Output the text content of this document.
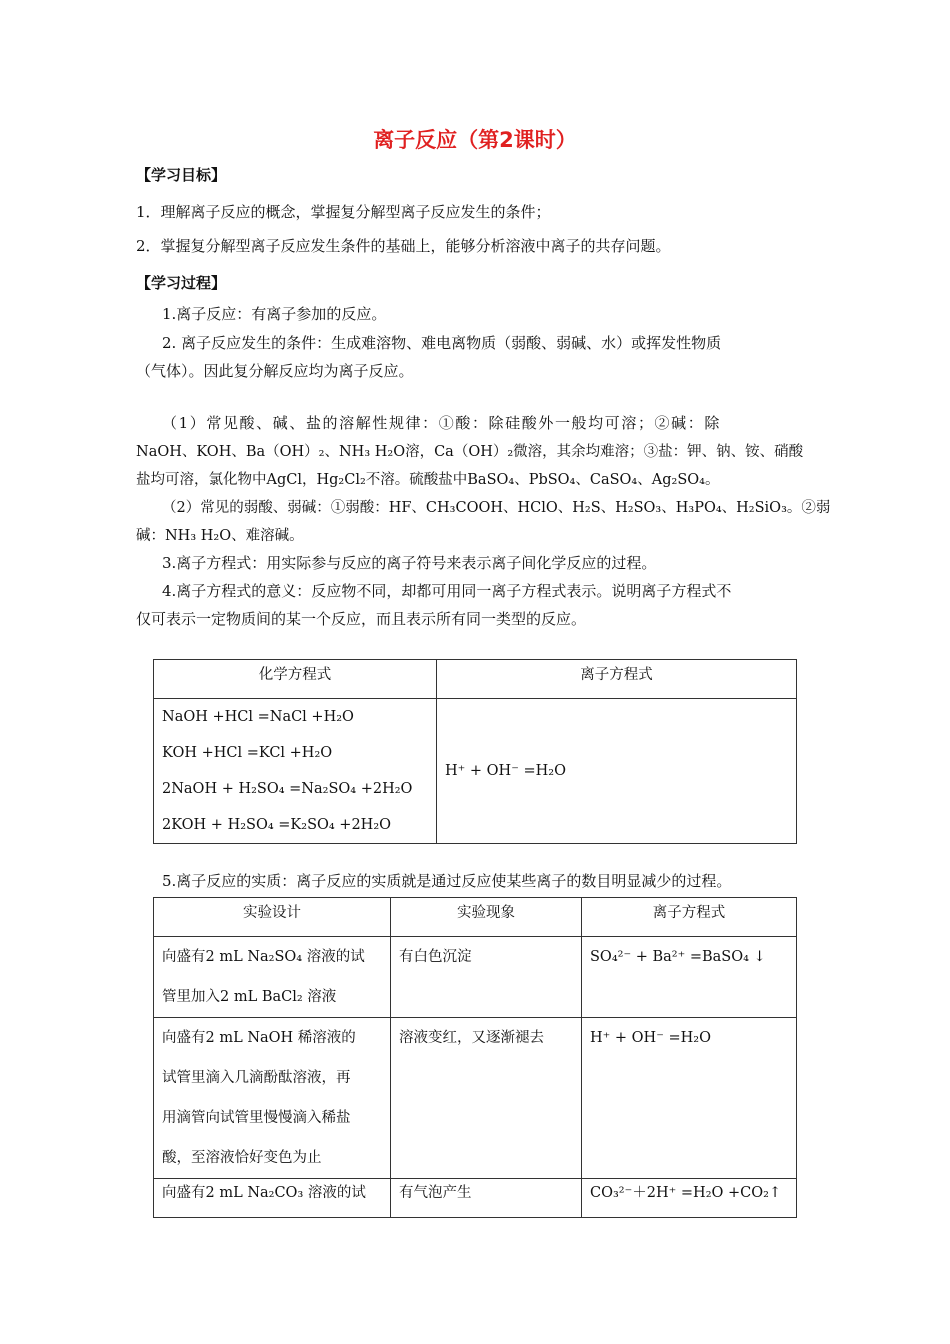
离子反应（第2课时）
【学习目标】
1．理解离子反应的概念，掌握复分解型离子反应发生的条件；
2．掌握复分解型离子反应发生条件的基础上，能够分析溶液中离子的共存问题。
【学习过程】
1.离子反应：有离子参加的反应。
2. 离子反应发生的条件：生成难溶物、难电离物质（弱酸、弱碱、水）或挥发性物质
（气体）。因此复分解反应均为离子反应。
（1）常见酸、碱、盐的溶解性规律：①酸：除硅酸外一般均可溶；②碱：除
NaOH、KOH、Ba（OH）₂、NH₃ H₂O溶，Ca（OH）₂微溶，其余均难溶；③盐：钾、钠、铵、硝酸
盐均可溶，氯化物中AgCl，Hg₂Cl₂不溶。硫酸盐中BaSO₄、PbSO₄、CaSO₄、Ag₂SO₄。
（2）常见的弱酸、弱碱：①弱酸：HF、CH₃COOH、HClO、H₂S、H₂SO₃、H₃PO₄、H₂SiO₃。②弱
碱：NH₃ H₂O、难溶碱。
3.离子方程式：用实际参与反应的离子符号来表示离子间化学反应的过程。
4.离子方程式的意义：反应物不同，却都可用同一离子方程式表示。说明离子方程式不
仅可表示一定物质间的某一个反应，而且表示所有同一类型的反应。
化学方程式	离子方程式

NaOH +HCl =NaCl +H₂O
KOH +HCl =KCl +H₂O
2NaOH + H₂SO₄ =Na₂SO₄ +2H₂O
2KOH + H₂SO₄ =K₂SO₄ +2H₂O	H⁺ + OH⁻ =H₂O
5.离子反应的实质：离子反应的实质就是通过反应使某些离子的数目明显减少的过程。
实验设计	实验现象	离子方程式

向盛有2 mL Na₂SO₄ 溶液的试
管里加入2 mL BaCl₂ 溶液	有白色沉淀	SO₄²⁻ + Ba²⁺ =BaSO₄ ↓

向盛有2 mL NaOH 稀溶液的
试管里滴入几滴酚酞溶液，再
用滴管向试管里慢慢滴入稀盐
酸，至溶液恰好变色为止	溶液变红，又逐渐褪去	H⁺ + OH⁻ =H₂O

向盛有2 mL Na₂CO₃ 溶液的试	有气泡产生	CO₃²⁻＋2H⁺ =H₂O +CO₂↑
